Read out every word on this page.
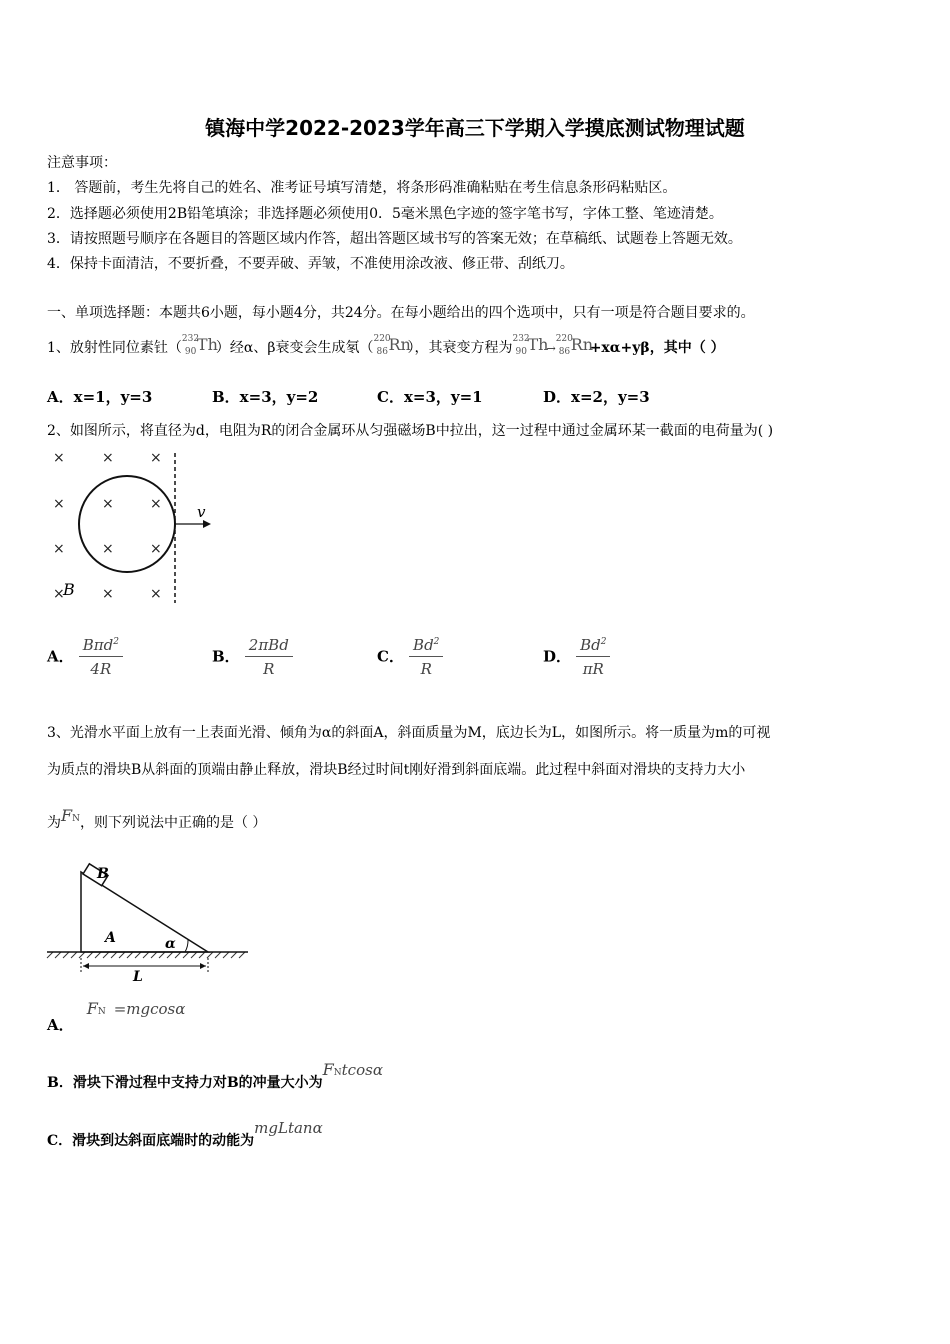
镇海中学2022-2023学年高三下学期入学摸底测试物理试题
注意事项：
1． 答题前，考生先将自己的姓名、准考证号填写清楚，将条形码准确粘贴在考生信息条形码粘贴区。
2．选择题必须使用2B铅笔填涂；非选择题必须使用0．5毫米黑色字迹的签字笔书写，字体工整、笔迹清楚。
3．请按照题号顺序在各题目的答题区域内作答，超出答题区域书写的答案无效；在草稿纸、试题卷上答题无效。
4．保持卡面清洁，不要折叠，不要弄破、弄皱，不准使用涂改液、修正带、刮纸刀。
一、单项选择题：本题共6小题，每小题4分，共24分。在每小题给出的四个选项中，只有一项是符合题目要求的。
1、放射性同位素钍（
232
90 Th
）经α、β衰变会生成氡（
220
86 Rn
），其衰变方程为
232
90 Th
→
220
86 Rn
+xα+yβ，其中（ ）
A．x=1，y=3	B．x=3，y=2	C．x=3，y=1	D．x=2，y=3
2、如图所示，将直径为d，电阻为R的闭合金属环从匀强磁场B中拉出，这一过程中通过金属环某一截面的电荷量为( )
×	×	×
×	×	×
×	×	×
×	×	×
B
v
A． $\frac{B\pi d^2}{4R}$	B． $\frac{\text{2πBd}}{R}$	C． $\frac{Bd^2}{R}$	D． $\frac{Bd^2}{\pi R}$
3、光滑水平面上放有一上表面光滑、倾角为α的斜面A，斜面质量为M，底边长为L，如图所示。将一质量为m的可视
为质点的滑块B从斜面的顶端由静止释放，滑块B经过时间t刚好滑到斜面底端。此过程中斜面对滑块的支持力大小
为FN，则下列说法中正确的是（ ）
B
A	α
L
A． FN =mgcosα
B．滑块下滑过程中支持力对B的冲量大小为FNtcosα
C．滑块到达斜面底端时的动能为mgLtanα
